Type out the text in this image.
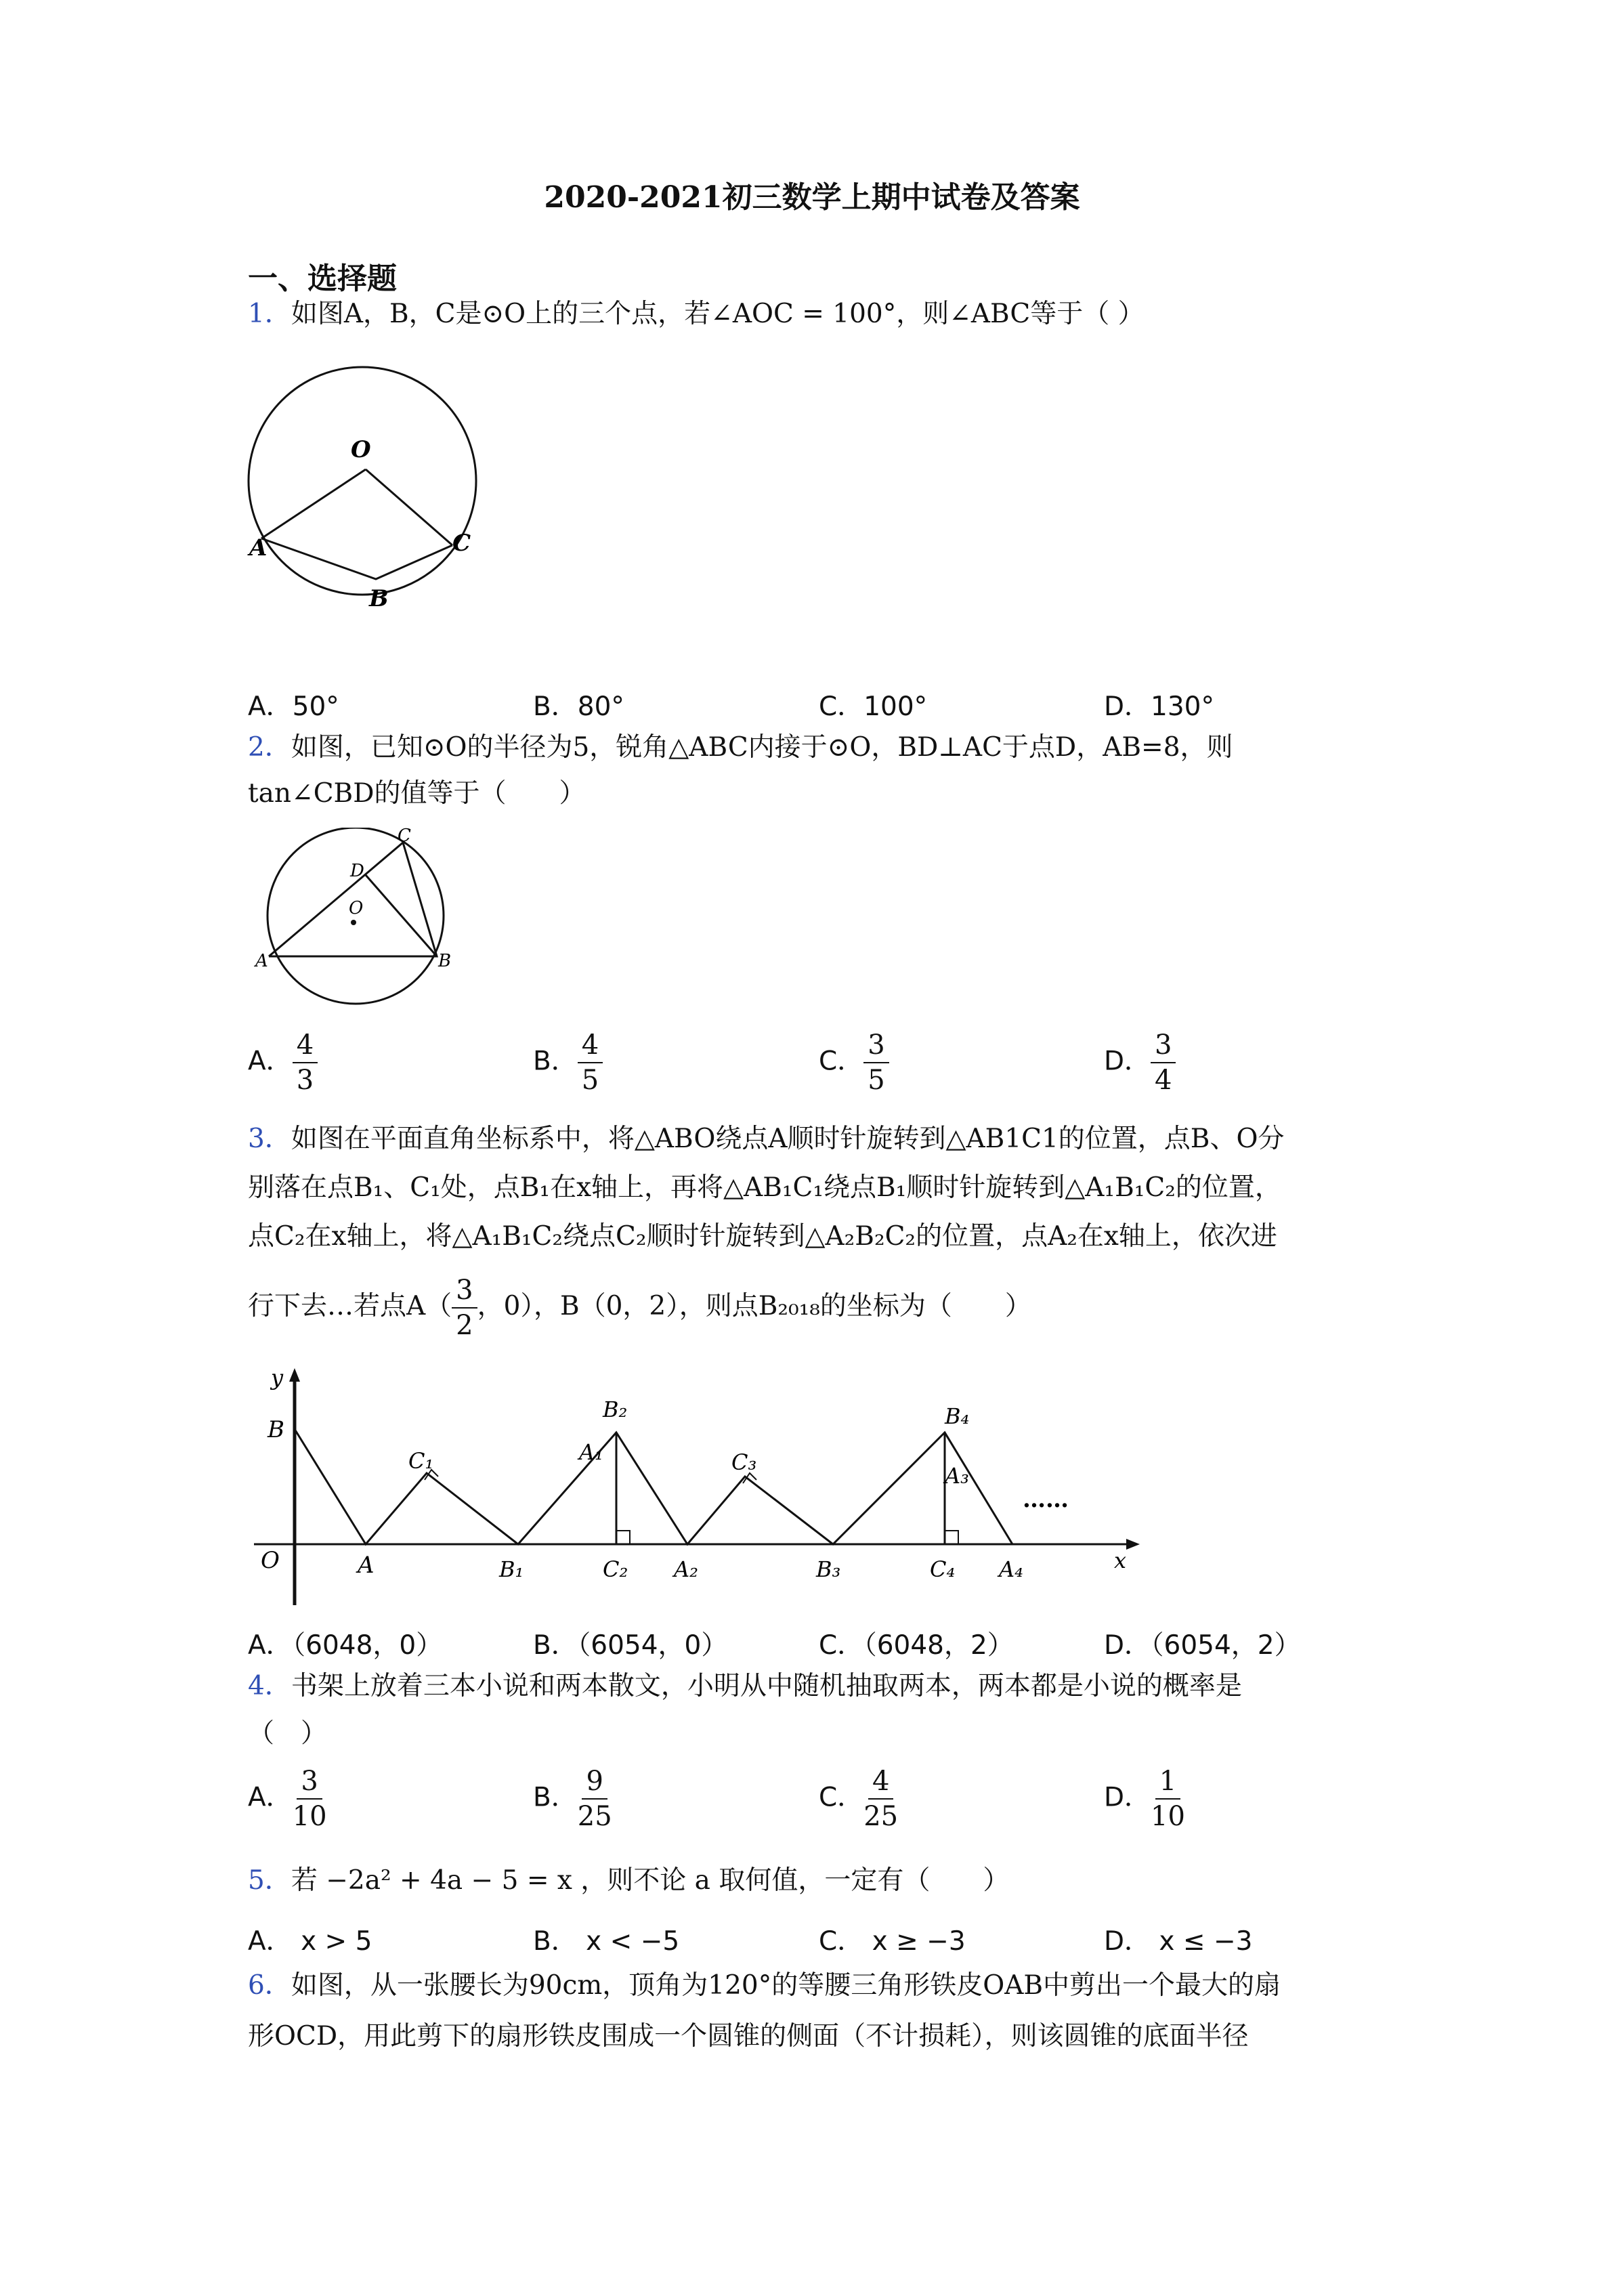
2020-2021初三数学上期中试卷及答案
一、选择题
1．如图A，B，C是⊙O上的三个点，若∠AOC = 100°，则∠ABC等于（ ）
O
A
B
C
A．50°	B．80°	C．100°	D．130°
2．如图，已知⊙O的半径为5，锐角△ABC内接于⊙O，BD⊥AC于点D，AB=8，则
tan∠CBD的值等于（　　）
C
D
O
A	B
A． $\frac{4}{3}$	B． $\frac{4}{5}$	C． $\frac{3}{5}$	D． $\frac{3}{4}$
3．如图在平面直角坐标系中，将△ABO绕点A顺时针旋转到△AB1C1的位置，点B、O分
别落在点B₁、C₁处，点B₁在x轴上，再将△AB₁C₁绕点B₁顺时针旋转到△A₁B₁C₂的位置，
点C₂在x轴上，将△A₁B₁C₂绕点C₂顺时针旋转到△A₂B₂C₂的位置，点A₂在x轴上，依次进
行下去…若点$A( \frac{3}{2}$ ，0），B（0，2），则点B₂₀₁₈的坐标为（　　）
y
x
O
B
A
C₁
B₁	C₂
B₂
A₁
A₂
C₃
B₃	C₄
B₄
A₃
A₄
……
A．（6048，0）	B．（6054，0）	C．（6048，2）	D．（6054，2）
4．书架上放着三本小说和两本散文，小明从中随机抽取两本，两本都是小说的概率是
（　）
A． $\frac{3}{10}$	B． $\frac{9}{25}$	C． $\frac{4}{25}$	D． $\frac{1}{10}$
5．若 −2a² + 4a − 5 = x ，则不论 a 取何值，一定有（　　）
A． x > 5	B． x < −5	C． x ≥ −3	D． x ≤ −3
6．如图，从一张腰长为90cm，顶角为120°的等腰三角形铁皮OAB中剪出一个最大的扇
形OCD，用此剪下的扇形铁皮围成一个圆锥的侧面（不计损耗），则该圆锥的底面半径
